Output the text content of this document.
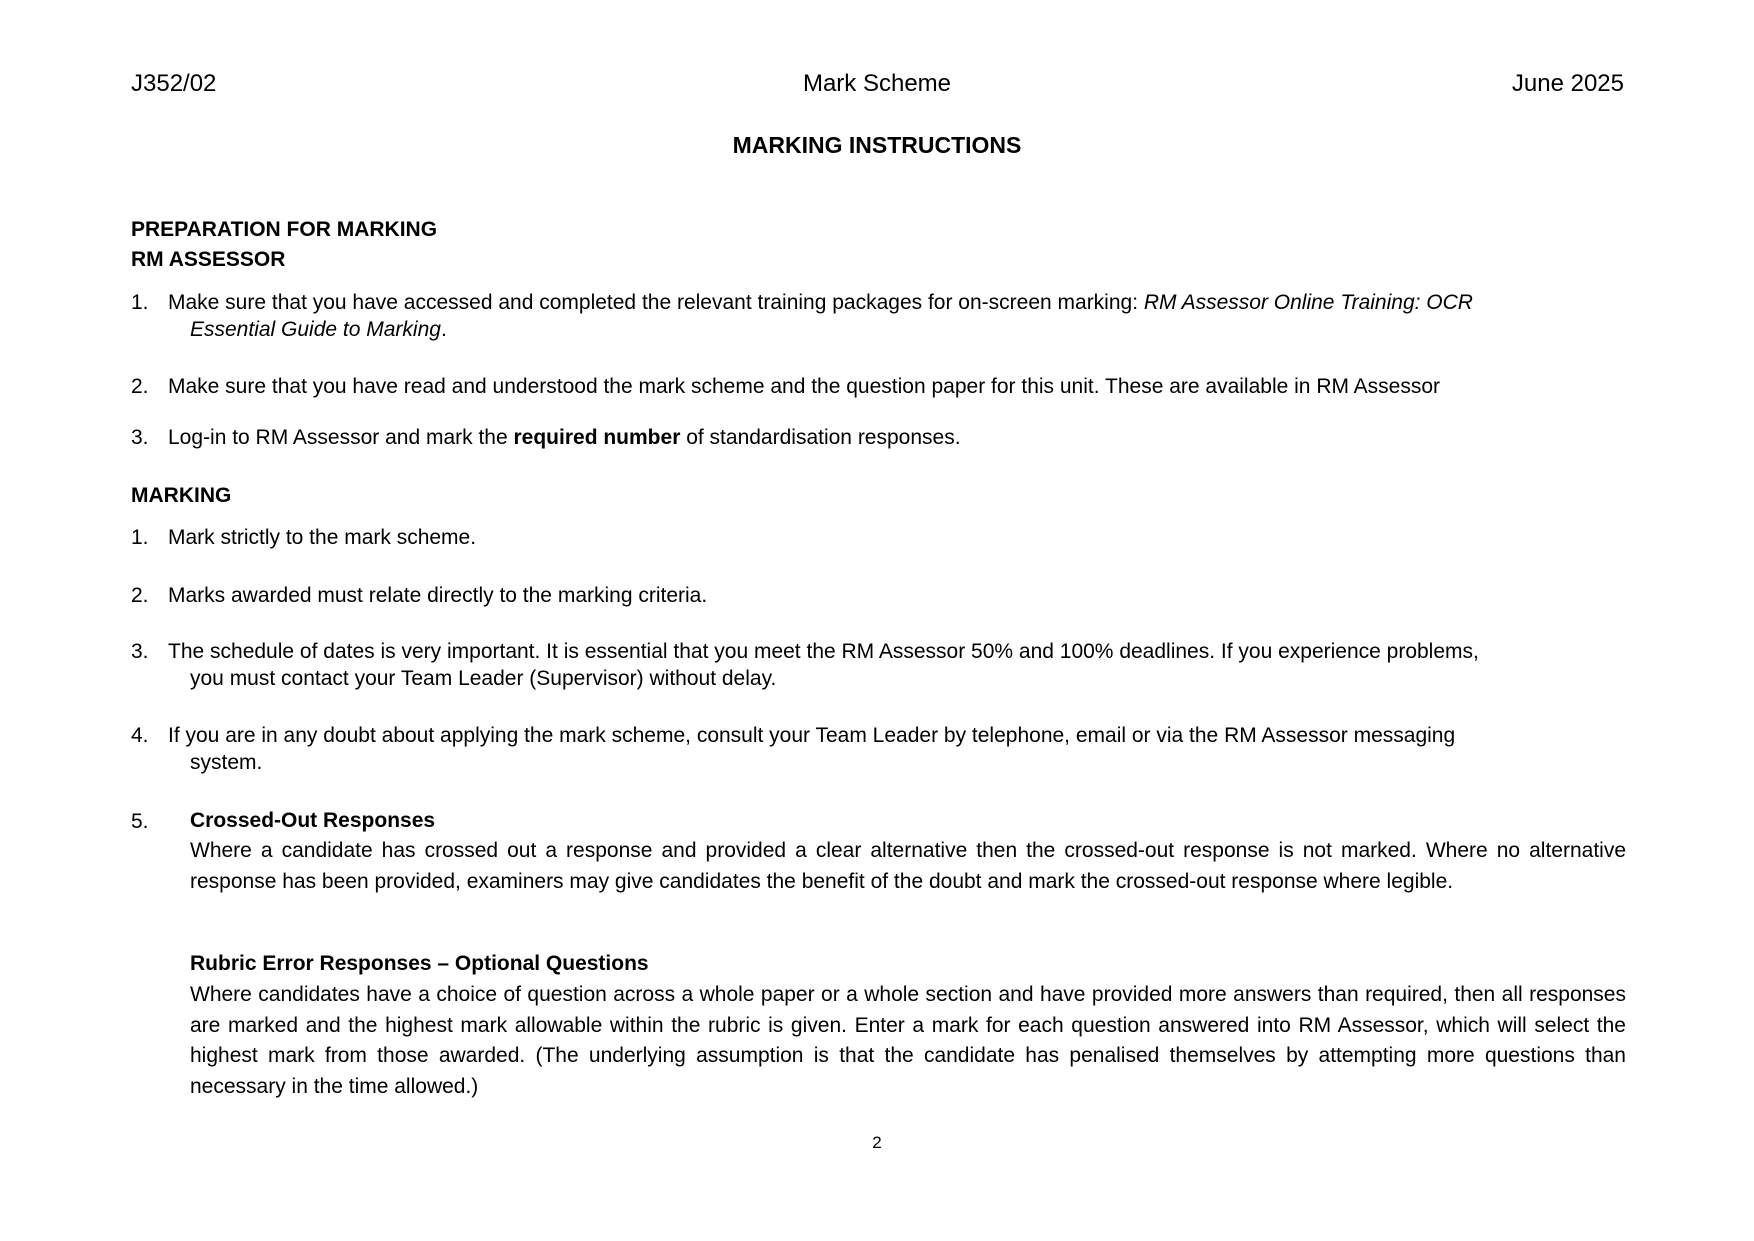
J352/02	Mark Scheme	June 2025
MARKING INSTRUCTIONS
PREPARATION FOR MARKING
RM ASSESSOR
1. Make sure that you have accessed and completed the relevant training packages for on-screen marking: RM Assessor Online Training: OCR
Essential Guide to Marking.
2. Make sure that you have read and understood the mark scheme and the question paper for this unit. These are available in RM Assessor
3. Log-in to RM Assessor and mark the required number of standardisation responses.
MARKING
1. Mark strictly to the mark scheme.
2. Marks awarded must relate directly to the marking criteria.
3. The schedule of dates is very important. It is essential that you meet the RM Assessor 50% and 100% deadlines. If you experience problems,
you must contact your Team Leader (Supervisor) without delay.
4. If you are in any doubt about applying the mark scheme, consult your Team Leader by telephone, email or via the RM Assessor messaging
system.
5. Crossed-Out Responses
Where a candidate has crossed out a response and provided a clear alternative then the crossed-out response is not marked. Where no alternative response has been provided, examiners may give candidates the benefit of the doubt and mark the crossed-out response where legible.
Rubric Error Responses – Optional Questions
Where candidates have a choice of question across a whole paper or a whole section and have provided more answers than required, then all responses are marked and the highest mark allowable within the rubric is given. Enter a mark for each question answered into RM Assessor, which will select the highest mark from those awarded. (The underlying assumption is that the candidate has penalised themselves by attempting more questions than necessary in the time allowed.)
2
